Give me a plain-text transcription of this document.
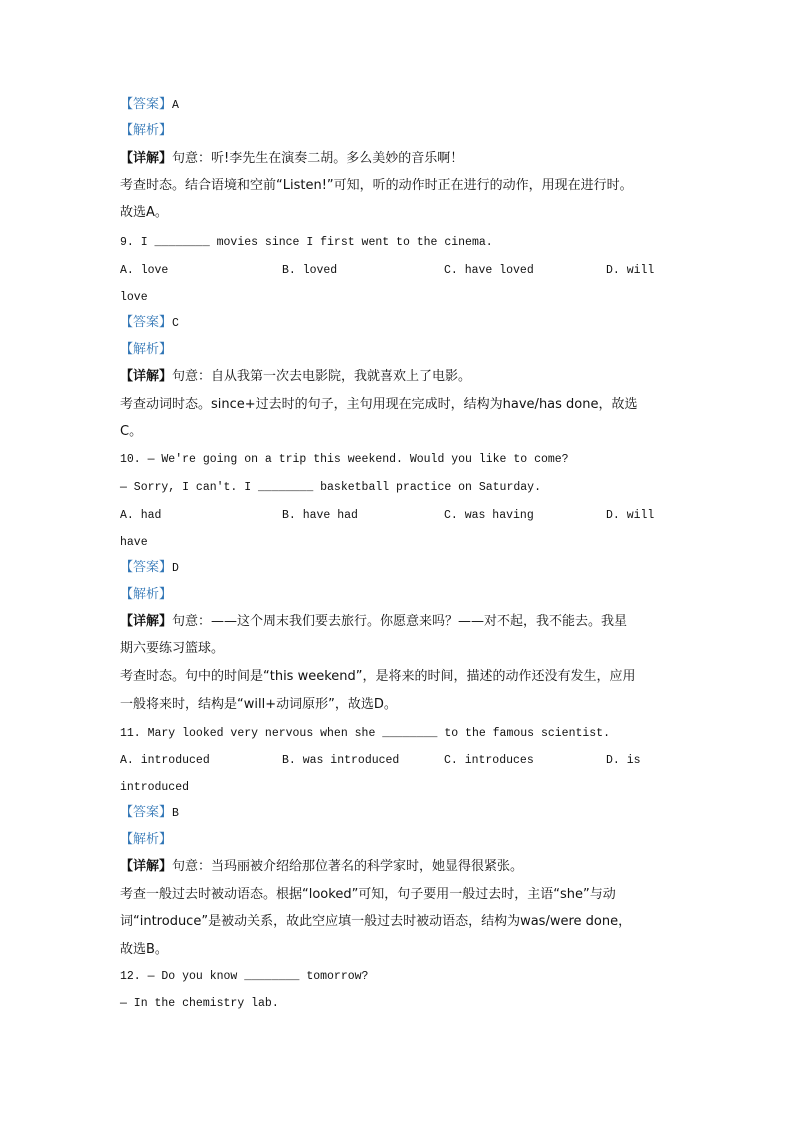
【答案】A
【解析】
【详解】句意：听!李先生在演奏二胡。多么美妙的音乐啊！
考查时态。结合语境和空前“Listen!”可知，听的动作时正在进行的动作，用现在进行时。
故选A。
9. I ________ movies since I first went to the cinema.
A. love	B. loved	C. have loved	D. will
love
【答案】C
【解析】
【详解】句意：自从我第一次去电影院，我就喜欢上了电影。
考查动词时态。since+过去时的句子，主句用现在完成时，结构为have/has done，故选
C。
10. — We're going on a trip this weekend. Would you like to come?
— Sorry, I can't. I ________ basketball practice on Saturday.
A. had	B. have had	C. was having	D. will
have
【答案】D
【解析】
【详解】句意：——这个周末我们要去旅行。你愿意来吗？——对不起，我不能去。我星
期六要练习篮球。
考查时态。句中的时间是“this weekend”，是将来的时间，描述的动作还没有发生，应用
一般将来时，结构是“will+动词原形”，故选D。
11. Mary looked very nervous when she ________ to the famous scientist.
A. introduced	B. was introduced	C. introduces	D. is
introduced
【答案】B
【解析】
【详解】句意：当玛丽被介绍给那位著名的科学家时，她显得很紧张。
考查一般过去时被动语态。根据“looked”可知，句子要用一般过去时，主语“she”与动
词“introduce”是被动关系，故此空应填一般过去时被动语态，结构为was/were done，
故选B。
12. — Do you know ________ tomorrow?
— In the chemistry lab.
